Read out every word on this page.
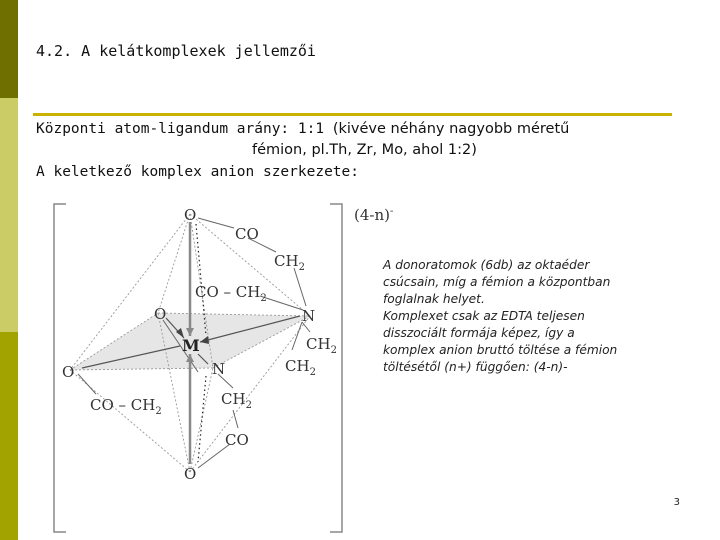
4.2. A kelátkomplexek jellemzői
Központi atom-ligandum arány: 1:1 (kivéve néhány nagyobb méretű
fémion, pl.Th, Zr, Mo, ahol 1:2)
A keletkező komplex anion szerkezete:
O
CO
$CH_2$
CO – $CH_2$
O	N
M	$CH_2$
O	N	$CH_2$
CO – $CH_2$
$CH_2$
CO
O
(4-n)-
A donoratomok (6db) az oktaéder
csúcsain, míg a fémion a központban
foglalnak helyet.
Komplexet csak az EDTA teljesen
disszociált formája képez, így a
komplex anion bruttó töltése a fémion
töltésétől (n+) függően: (4-n)-
3
